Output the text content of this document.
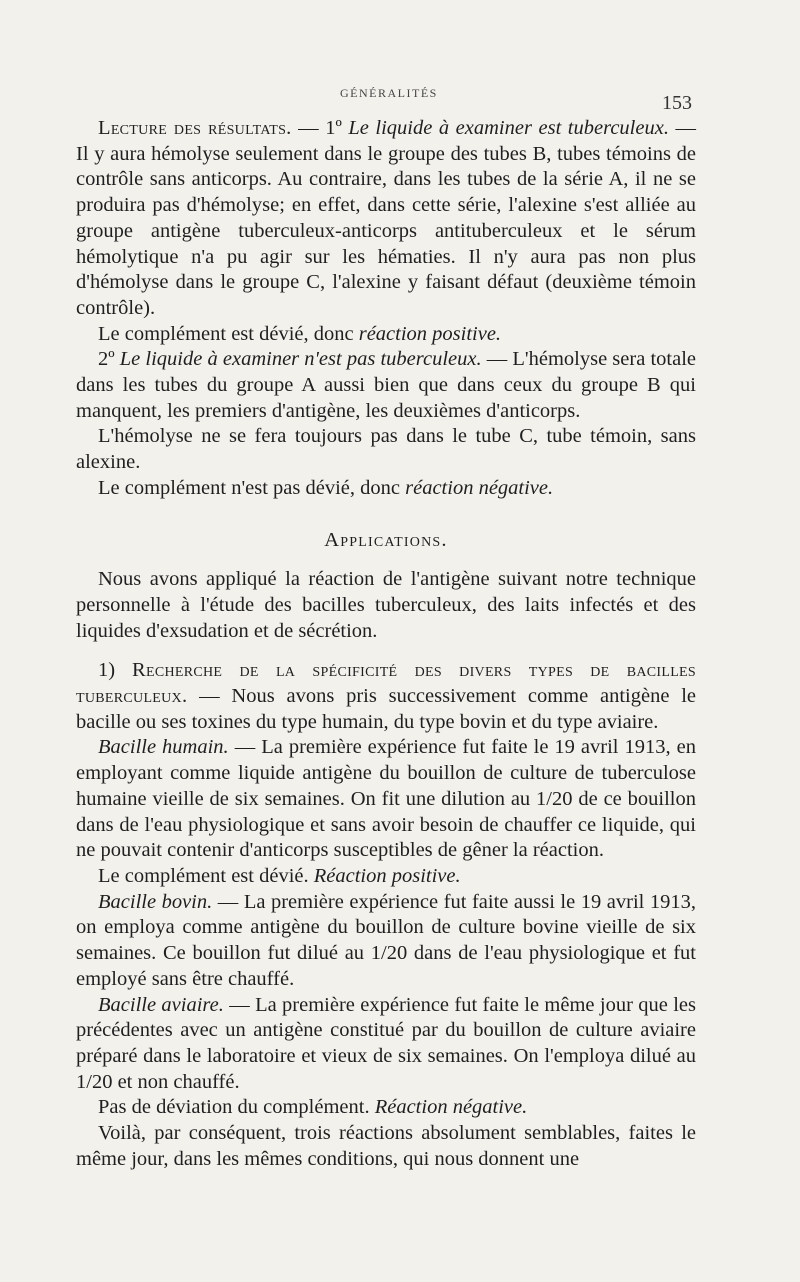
GÉNÉRALITÉS	153

Lecture des résultats. — 1º Le liquide à examiner est tuberculeux. — Il y aura hémolyse seulement dans le groupe des tubes B, tubes témoins de contrôle sans anticorps. Au contraire, dans les tubes de la série A, il ne se produira pas d'hémolyse; en effet, dans cette série, l'alexine s'est alliée au groupe antigène tuberculeux-anticorps antituberculeux et le sérum hémolytique n'a pu agir sur les hématies. Il n'y aura pas non plus d'hémolyse dans le groupe C, l'alexine y faisant défaut (deuxième témoin contrôle).

Le complément est dévié, donc réaction positive.

2º Le liquide à examiner n'est pas tuberculeux. — L'hémolyse sera totale dans les tubes du groupe A aussi bien que dans ceux du groupe B qui manquent, les premiers d'antigène, les deuxièmes d'anticorps.

L'hémolyse ne se fera toujours pas dans le tube C, tube témoin, sans alexine.

Le complément n'est pas dévié, donc réaction négative.

Applications.

Nous avons appliqué la réaction de l'antigène suivant notre technique personnelle à l'étude des bacilles tuberculeux, des laits infectés et des liquides d'exsudation et de sécrétion.

1) Recherche de la spécificité des divers types de bacilles tuberculeux. — Nous avons pris successivement comme antigène le bacille ou ses toxines du type humain, du type bovin et du type aviaire.

Bacille humain. — La première expérience fut faite le 19 avril 1913, en employant comme liquide antigène du bouillon de culture de tuberculose humaine vieille de six semaines. On fit une dilution au 1/20 de ce bouillon dans de l'eau physiologique et sans avoir besoin de chauffer ce liquide, qui ne pouvait contenir d'anticorps susceptibles de gêner la réaction.

Le complément est dévié. Réaction positive.

Bacille bovin. — La première expérience fut faite aussi le 19 avril 1913, on employa comme antigène du bouillon de culture bovine vieille de six semaines. Ce bouillon fut dilué au 1/20 dans de l'eau physiologique et fut employé sans être chauffé.

Bacille aviaire. — La première expérience fut faite le même jour que les précédentes avec un antigène constitué par du bouillon de culture aviaire préparé dans le laboratoire et vieux de six semaines. On l'employa dilué au 1/20 et non chauffé.

Pas de déviation du complément. Réaction négative.

Voilà, par conséquent, trois réactions absolument semblables, faites le même jour, dans les mêmes conditions, qui nous donnent une
